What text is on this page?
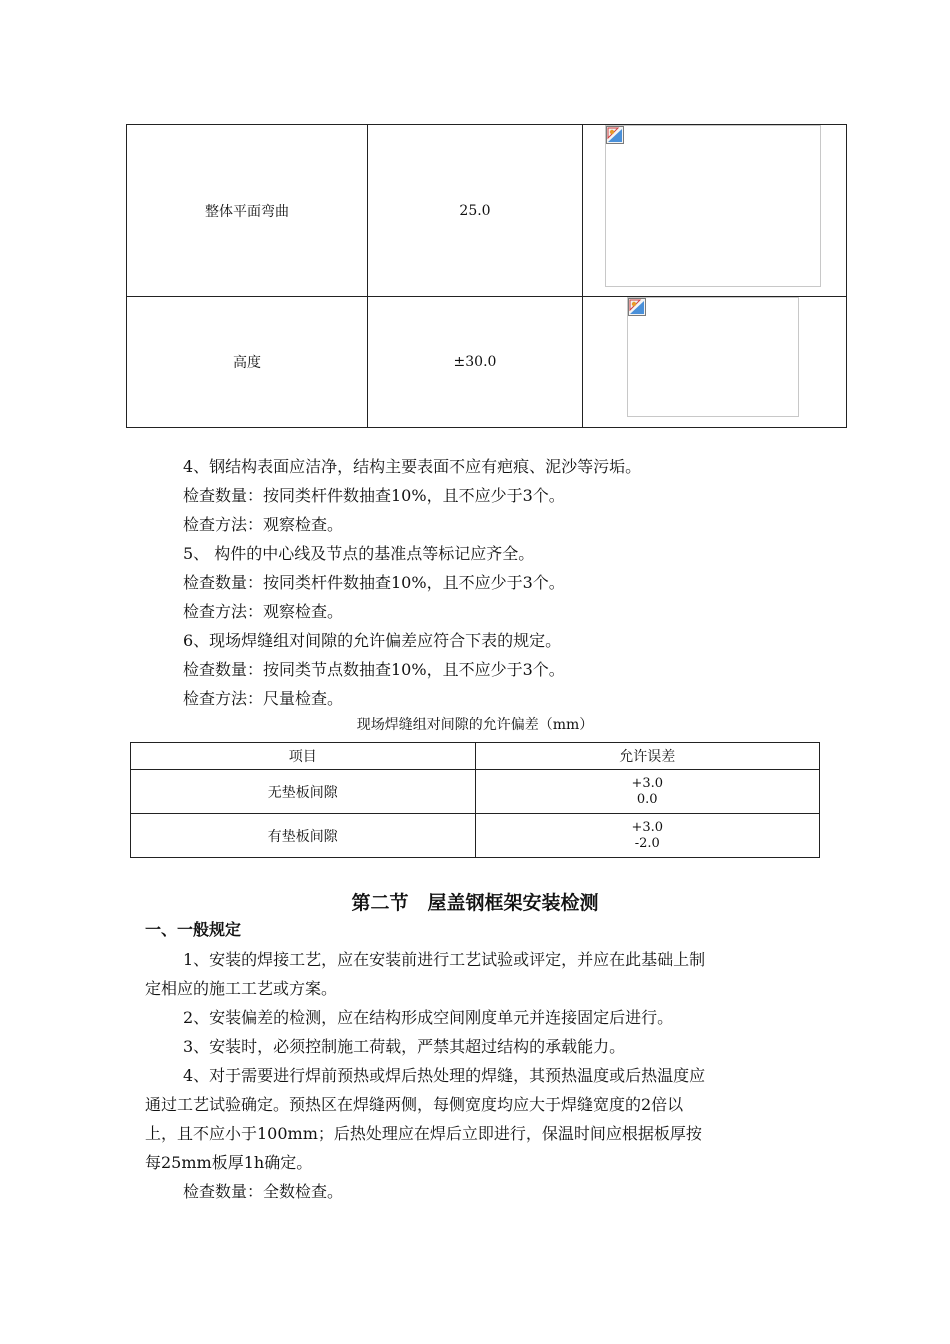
整体平面弯曲	25.0	

高度	±30.0	
4、钢结构表面应洁净，结构主要表面不应有疤痕、泥沙等污垢。
检查数量：按同类杆件数抽查10%，且不应少于3个。
检查方法：观察检查。
5、 构件的中心线及节点的基准点等标记应齐全。
检查数量：按同类杆件数抽查10%，且不应少于3个。
检查方法：观察检查。
6、现场焊缝组对间隙的允许偏差应符合下表的规定。
检查数量：按同类节点数抽查10%，且不应少于3个。
检查方法：尺量检查。
现场焊缝组对间隙的允许偏差（mm）
项目	允许误差
无垫板间隙	+3.0
0.0

有垫板间隙	+3.0
-2.0
第二节　屋盖钢框架安装检测
一、一般规定
1、安装的焊接工艺，应在安装前进行工艺试验或评定，并应在此基础上制
定相应的施工工艺或方案。
2、安装偏差的检测，应在结构形成空间刚度单元并连接固定后进行。
3、安装时，必须控制施工荷载，严禁其超过结构的承载能力。
4、对于需要进行焊前预热或焊后热处理的焊缝，其预热温度或后热温度应
通过工艺试验确定。预热区在焊缝两侧，每侧宽度均应大于焊缝宽度的2倍以
上，且不应小于100mm；后热处理应在焊后立即进行，保温时间应根据板厚按
每25mm板厚1h确定。
检查数量：全数检查。
